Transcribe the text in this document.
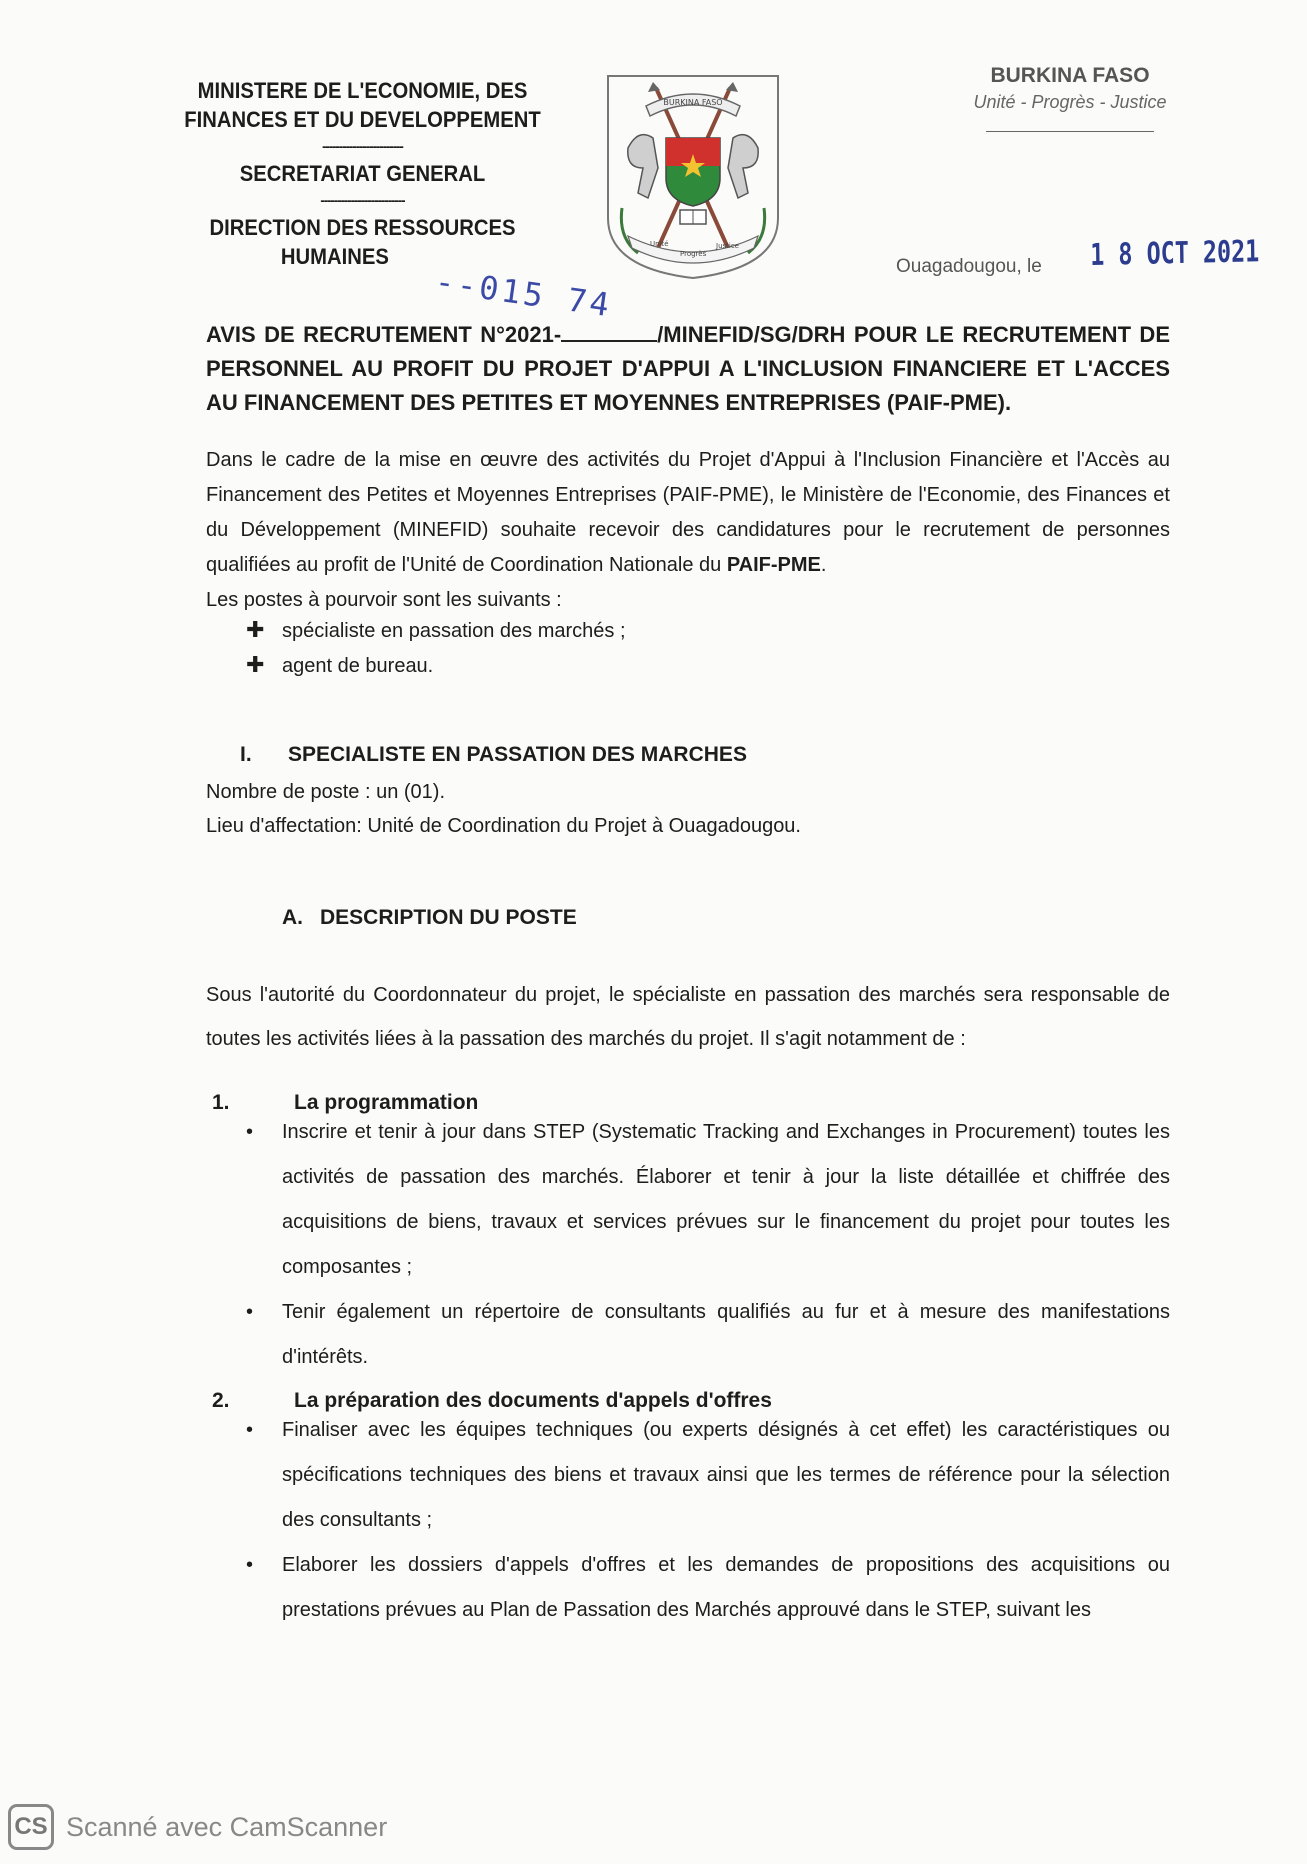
MINISTERE DE L'ECONOMIE, DES
FINANCES ET DU DEVELOPPEMENT
------------------------
SECRETARIAT GENERAL
-------------------------
DIRECTION DES RESSOURCES
HUMAINES
BURKINA FASO
Unité
Progrès
Justice
BURKINA FASO
Unité - Progrès - Justice
Ouagadougou, le 1 8 OCT 2021
--015 74
AVIS DE RECRUTEMENT N°2021-	/MINEFID/SG/DRH POUR LE RECRUTEMENT DE PERSONNEL AU PROFIT DU PROJET D'APPUI A L'INCLUSION FINANCIERE ET L'ACCES AU FINANCEMENT DES PETITES ET MOYENNES ENTREPRISES (PAIF-PME).
Dans le cadre de la mise en œuvre des activités du Projet d'Appui à l'Inclusion Financière et l'Accès au Financement des Petites et Moyennes Entreprises (PAIF-PME), le Ministère de l'Economie, des Finances et du Développement (MINEFID) souhaite recevoir des candidatures pour le recrutement de personnes qualifiées au profit de l'Unité de Coordination Nationale du PAIF-PME.
Les postes à pourvoir sont les suivants :
✚ spécialiste en passation des marchés ;
✚ agent de bureau.
I. SPECIALISTE EN PASSATION DES MARCHES
Nombre de poste : un (01).
Lieu d'affectation: Unité de Coordination du Projet à Ouagadougou.
A. DESCRIPTION DU POSTE
Sous l'autorité du Coordonnateur du projet, le spécialiste en passation des marchés sera responsable de toutes les activités liées à la passation des marchés du projet. Il s'agit notamment de :
1.	La programmation
• Inscrire et tenir à jour dans STEP (Systematic Tracking and Exchanges in Procurement) toutes les activités de passation des marchés. Élaborer et tenir à jour la liste détaillée et chiffrée des acquisitions de biens, travaux et services prévues sur le financement du projet pour toutes les composantes ;
• Tenir également un répertoire de consultants qualifiés au fur et à mesure des manifestations d'intérêts.
2.	La préparation des documents d'appels d'offres
• Finaliser avec les équipes techniques (ou experts désignés à cet effet) les caractéristiques ou spécifications techniques des biens et travaux ainsi que les termes de référence pour la sélection des consultants ;
• Elaborer les dossiers d'appels d'offres et les demandes de propositions des acquisitions ou prestations prévues au Plan de Passation des Marchés approuvé dans le STEP, suivant les
CS Scanné avec CamScanner
